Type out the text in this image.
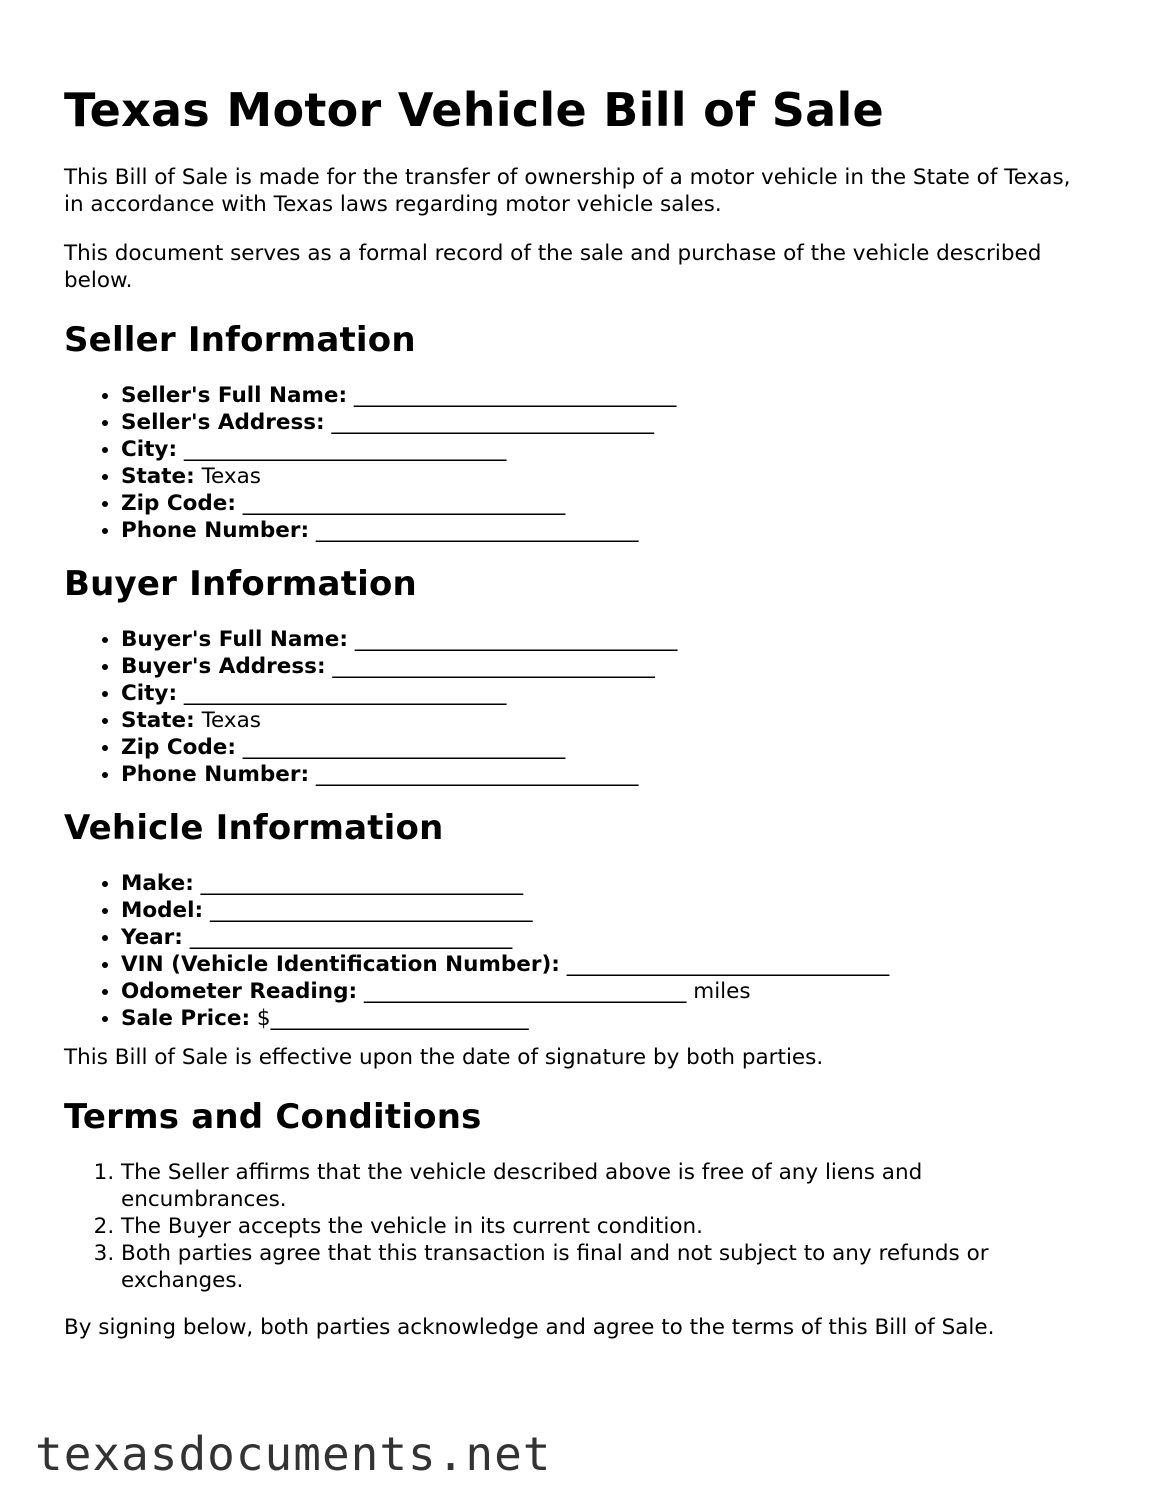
Texas Motor Vehicle Bill of Sale

This Bill of Sale is made for the transfer of ownership of a motor vehicle in the State of Texas, in accordance with Texas laws regarding motor vehicle sales.

This document serves as a formal record of the sale and purchase of the vehicle described below.

Seller Information
• Seller's Full Name: ______________________________
• Seller's Address: ______________________________
• City: ______________________________
• State: Texas
• Zip Code: ______________________________
• Phone Number: ______________________________
Buyer Information
• Buyer's Full Name: ______________________________
• Buyer's Address: ______________________________
• City: ______________________________
• State: Texas
• Zip Code: ______________________________
• Phone Number: ______________________________
Vehicle Information
• Make: ______________________________
• Model: ______________________________
• Year: ______________________________
• VIN (Vehicle Identification Number): ______________________________
• Odometer Reading: ______________________________ miles
• Sale Price: $________________________

This Bill of Sale is effective upon the date of signature by both parties.

Terms and Conditions
1. The Seller affirms that the vehicle described above is free of any liens and encumbrances.
2. The Buyer accepts the vehicle in its current condition.
3. Both parties agree that this transaction is final and not subject to any refunds or exchanges.

By signing below, both parties acknowledge and agree to the terms of this Bill of Sale.

texasdocuments.net
